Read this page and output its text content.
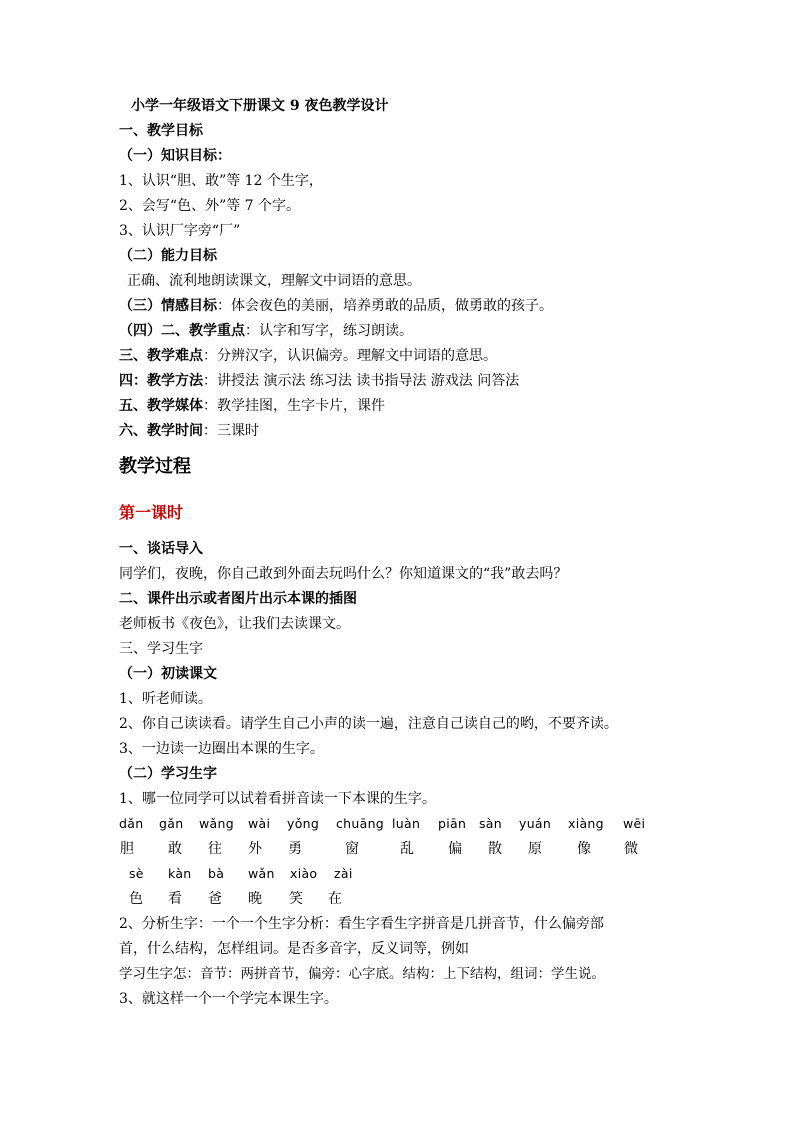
小学一年级语文下册课文 9 夜色教学设计
一、教学目标
（一）知识目标：
1、认识“胆、敢”等 12 个生字，
2、会写“色、外”等 7 个字。
3、认识厂字旁“厂”
（二）能力目标
正确、流利地朗读课文，理解文中词语的意思。
（三）情感目标：体会夜色的美丽，培养勇敢的品质，做勇敢的孩子。
（四）二、教学重点：认字和写字，练习朗读。
三、教学难点：分辨汉字，认识偏旁。理解文中词语的意思。
四：教学方法：讲授法 演示法 练习法 读书指导法 游戏法 问答法
五、教学媒体：教学挂图，生字卡片，课件
六、教学时间：三课时
教学过程
第一课时
一、谈话导入
同学们，夜晚，你自己敢到外面去玩吗什么？你知道课文的“我”敢去吗？
二、课件出示或者图片出示本课的插图
老师板书《夜色》，让我们去读课文。
三、学习生字
（一）初读课文
1、听老师读。
2、你自己读读看。请学生自己小声的读一遍，注意自己读自己的哟，不要齐读。
3、一边读一边圈出本课的生字。
（二）学习生字
1、哪一位同学可以试着看拼音读一下本课的生字。
dǎn gǎn wǎng wài yǒng chuāng luàn piān sàn yuán xiàng wēi
胆 敢 往 外 勇	窗	乱 偏 散 原	像 微
sè kàn bà wǎn xiào zài
色 看 爸 晚 笑 在
2、分析生字：一个一个生字分析：看生字看生字拼音是几拼音节，什么偏旁部
首，什么结构，怎样组词。是否多音字，反义词等，例如
学习生字怎：音节：两拼音节，偏旁：心字底。结构：上下结构，组词：学生说。
3、就这样一个一个学完本课生字。
